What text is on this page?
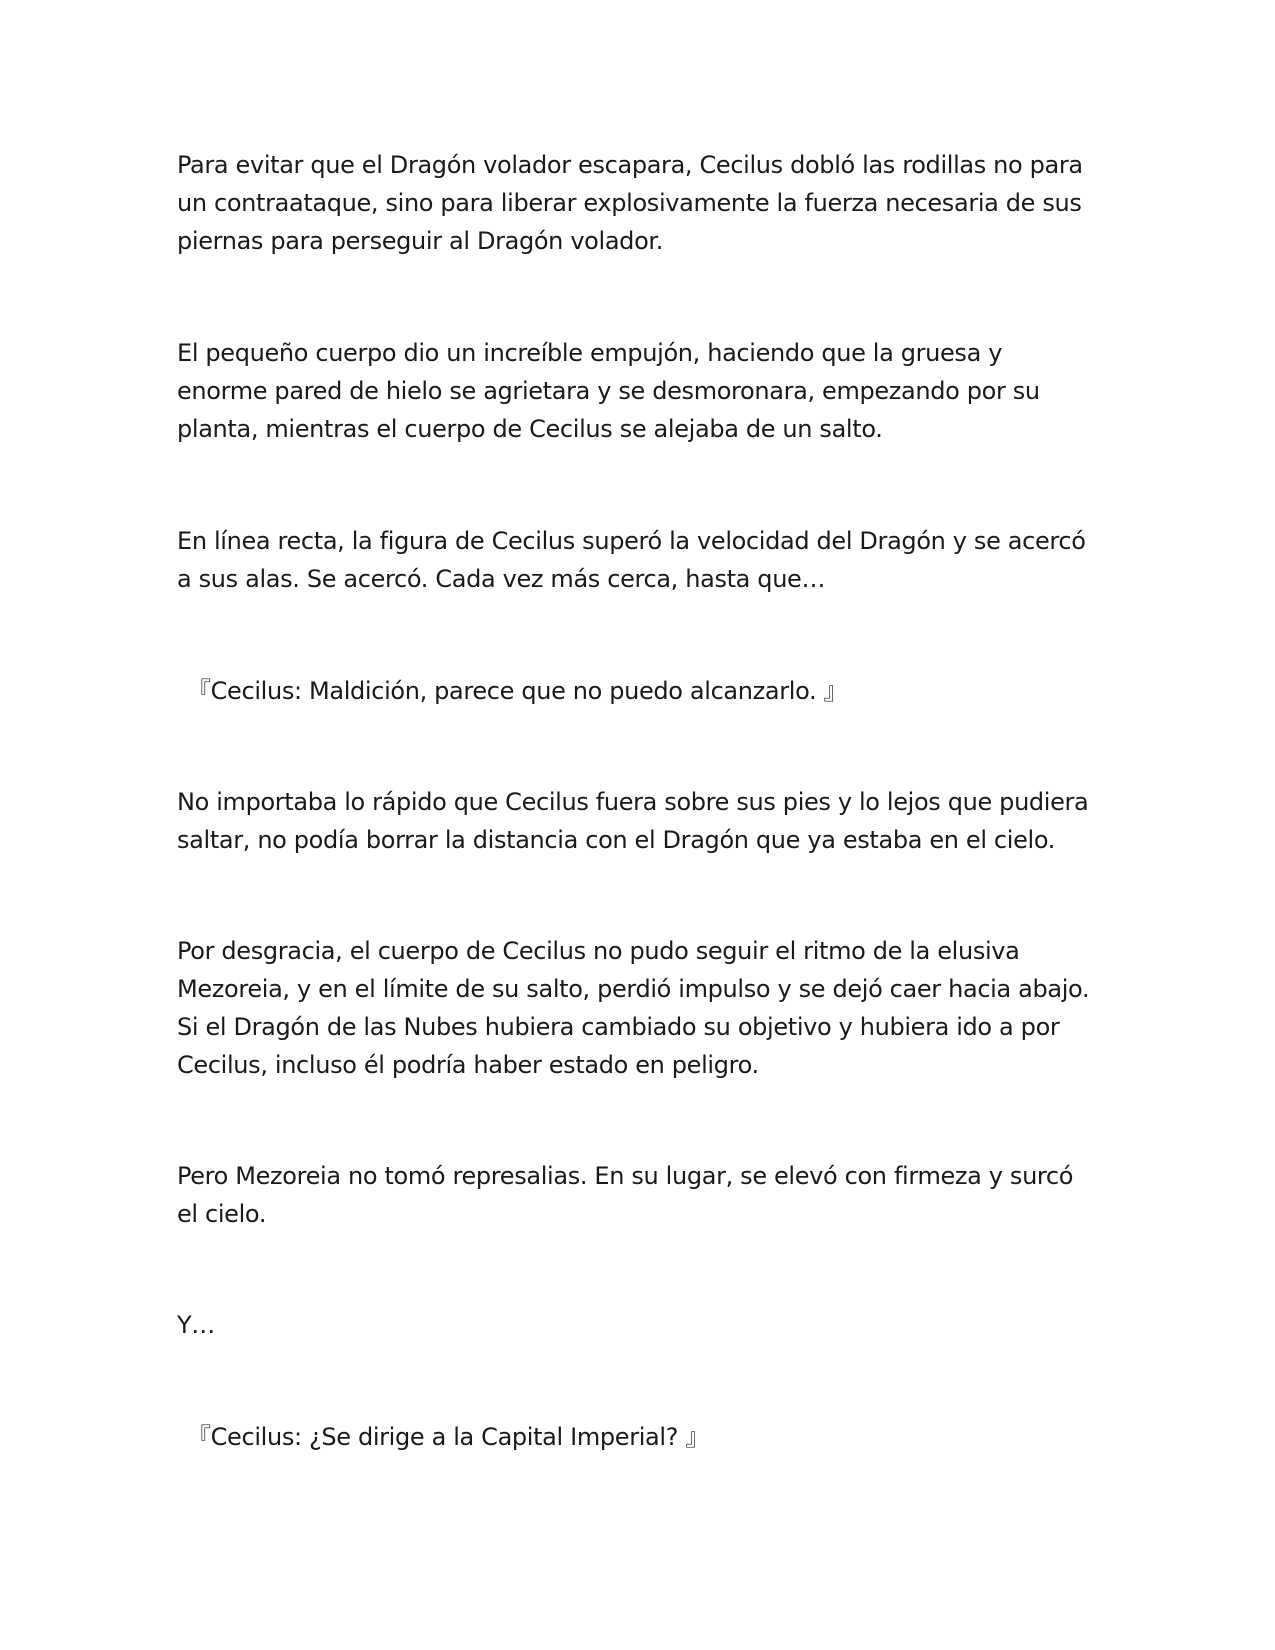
Para evitar que el Dragón volador escapara, Cecilus dobló las rodillas no para
un contraataque, sino para liberar explosivamente la fuerza necesaria de sus
piernas para perseguir al Dragón volador.

El pequeño cuerpo dio un increíble empujón, haciendo que la gruesa y
enorme pared de hielo se agrietara y se desmoronara, empezando por su
planta, mientras el cuerpo de Cecilus se alejaba de un salto.

En línea recta, la figura de Cecilus superó la velocidad del Dragón y se acercó
a sus alas. Se acercó. Cada vez más cerca, hasta que…

『Cecilus: Maldición, parece que no puedo alcanzarlo. 』

No importaba lo rápido que Cecilus fuera sobre sus pies y lo lejos que pudiera
saltar, no podía borrar la distancia con el Dragón que ya estaba en el cielo.

Por desgracia, el cuerpo de Cecilus no pudo seguir el ritmo de la elusiva
Mezoreia, y en el límite de su salto, perdió impulso y se dejó caer hacia abajo.
Si el Dragón de las Nubes hubiera cambiado su objetivo y hubiera ido a por
Cecilus, incluso él podría haber estado en peligro.

Pero Mezoreia no tomó represalias. En su lugar, se elevó con firmeza y surcó
el cielo.

Y…

『Cecilus: ¿Se dirige a la Capital Imperial? 』
